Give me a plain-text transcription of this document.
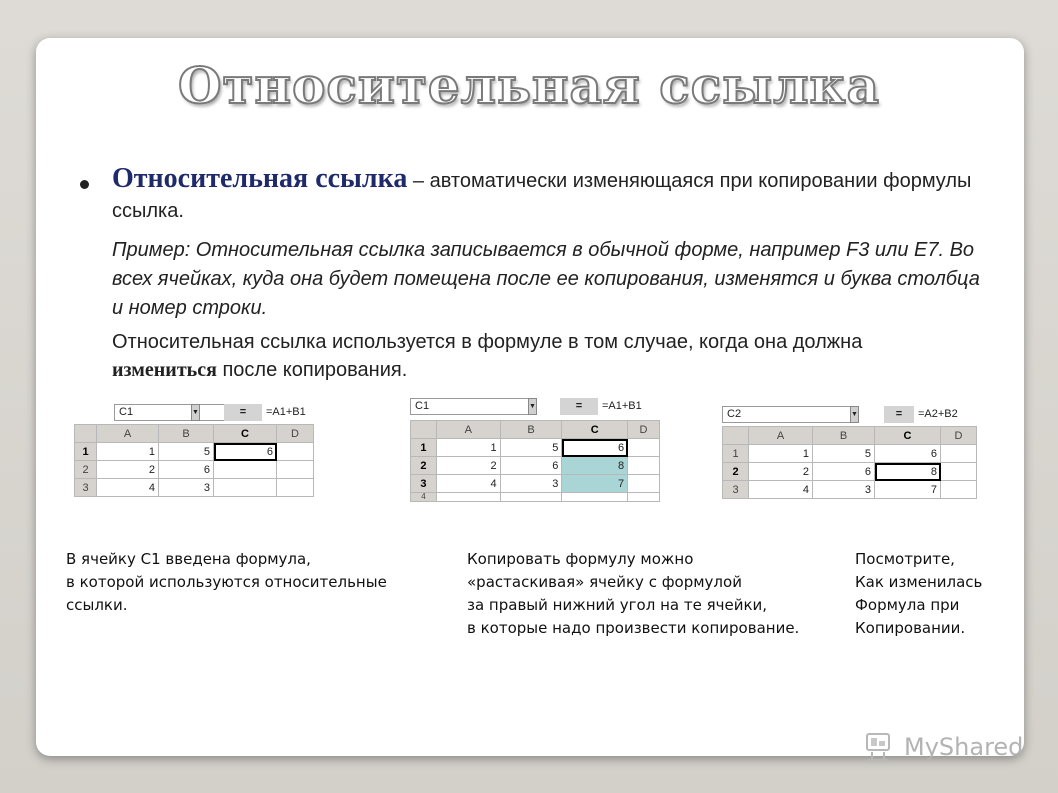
Относительная ссылка
Относительная ссылка – автоматически изменяющаяся при копировании формулы ссылка.
Пример: Относительная ссылка записывается в обычной форме, например F3 или E7. Во всех ячейках, куда она будет помещена после ее копирования, изменятся и буква столбца и номер строки.
Относительная ссылка используется в формуле в том случае, когда она должна измениться после копирования.
C1	▼	=	=A1+B1
	A	B	C	D
1	1	5	6	
2	2	6		
3	4	3		
C1	▼	=	=A1+B1
	A	B	C	D
1	1	5	6	
2	2	6	8	
3	4	3	7	
4				
C2	▼	=	=A2+B2
	A	B	C	D
1	1	5	6	
2	2	6	8	
3	4	3	7	
В ячейку С1 введена формула,
в которой используются относительные
ссылки.
Копировать формулу можно
«растаскивая» ячейку с формулой
за правый нижний угол на те ячейки,
в которые надо произвести копирование.
Посмотрите,
Как изменилась
Формула при
Копировании.
MyShared
